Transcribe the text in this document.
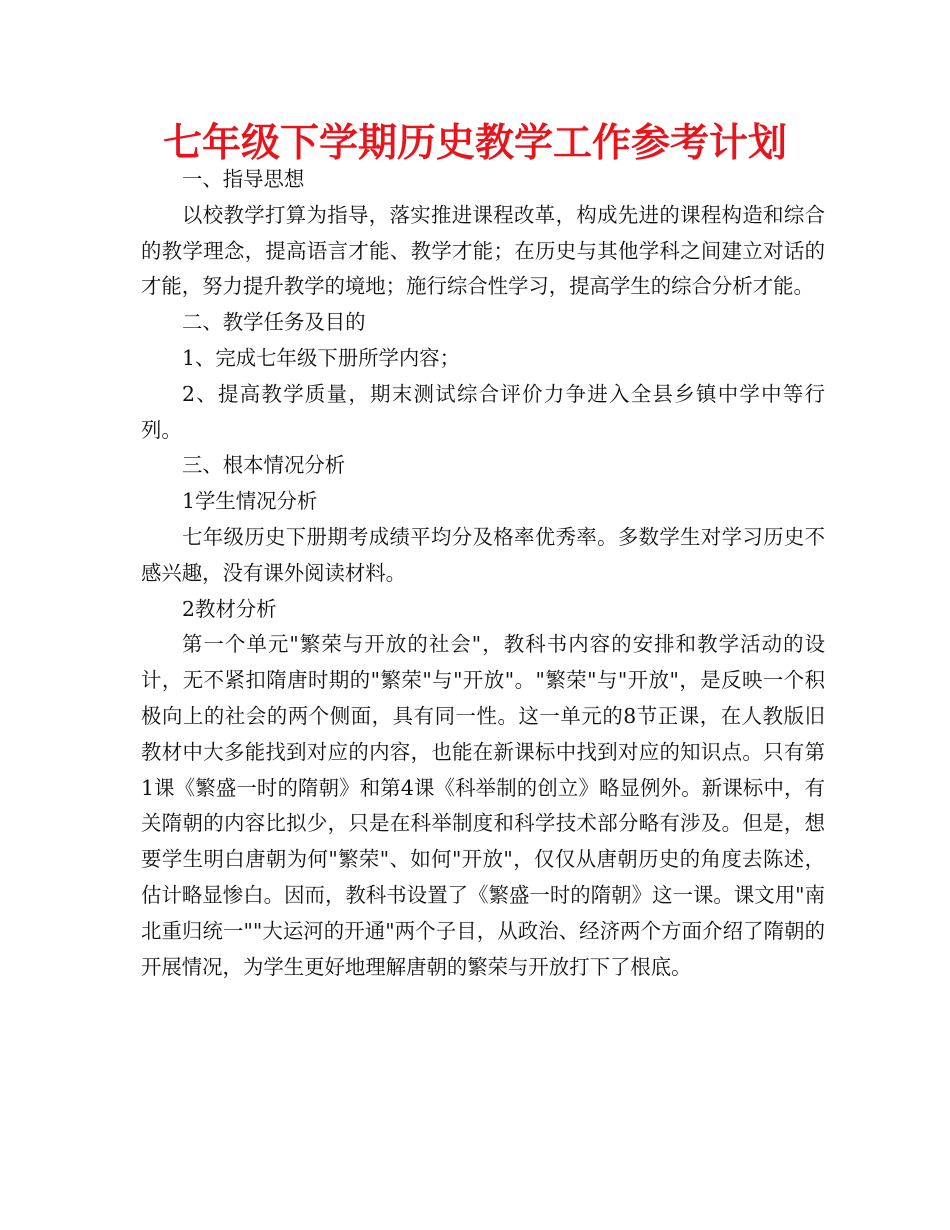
七年级下学期历史教学工作参考计划

一、指导思想

以校教学打算为指导，落实推进课程改革，构成先进的课程构造和综合的教学理念，提高语言才能、教学才能；在历史与其他学科之间建立对话的才能，努力提升教学的境地；施行综合性学习，提高学生的综合分析才能。

二、教学任务及目的

1、完成七年级下册所学内容；

2、提高教学质量，期末测试综合评价力争进入全县乡镇中学中等行列。

三、根本情况分析

1学生情况分析

七年级历史下册期考成绩平均分及格率优秀率。多数学生对学习历史不感兴趣，没有课外阅读材料。

2教材分析

第一个单元"繁荣与开放的社会"，教科书内容的安排和教学活动的设计，无不紧扣隋唐时期的"繁荣"与"开放"。"繁荣"与"开放"，是反映一个积极向上的社会的两个侧面，具有同一性。这一单元的8节正课，在人教版旧教材中大多能找到对应的内容，也能在新课标中找到对应的知识点。只有第1课《繁盛一时的隋朝》和第4课《科举制的创立》略显例外。新课标中，有关隋朝的内容比拟少，只是在科举制度和科学技术部分略有涉及。但是，想要学生明白唐朝为何"繁荣"、如何"开放"，仅仅从唐朝历史的角度去陈述，估计略显惨白。因而，教科书设置了《繁盛一时的隋朝》这一课。课文用"南北重归统一""大运河的开通"两个子目，从政治、经济两个方面介绍了隋朝的开展情况，为学生更好地理解唐朝的繁荣与开放打下了根底。
